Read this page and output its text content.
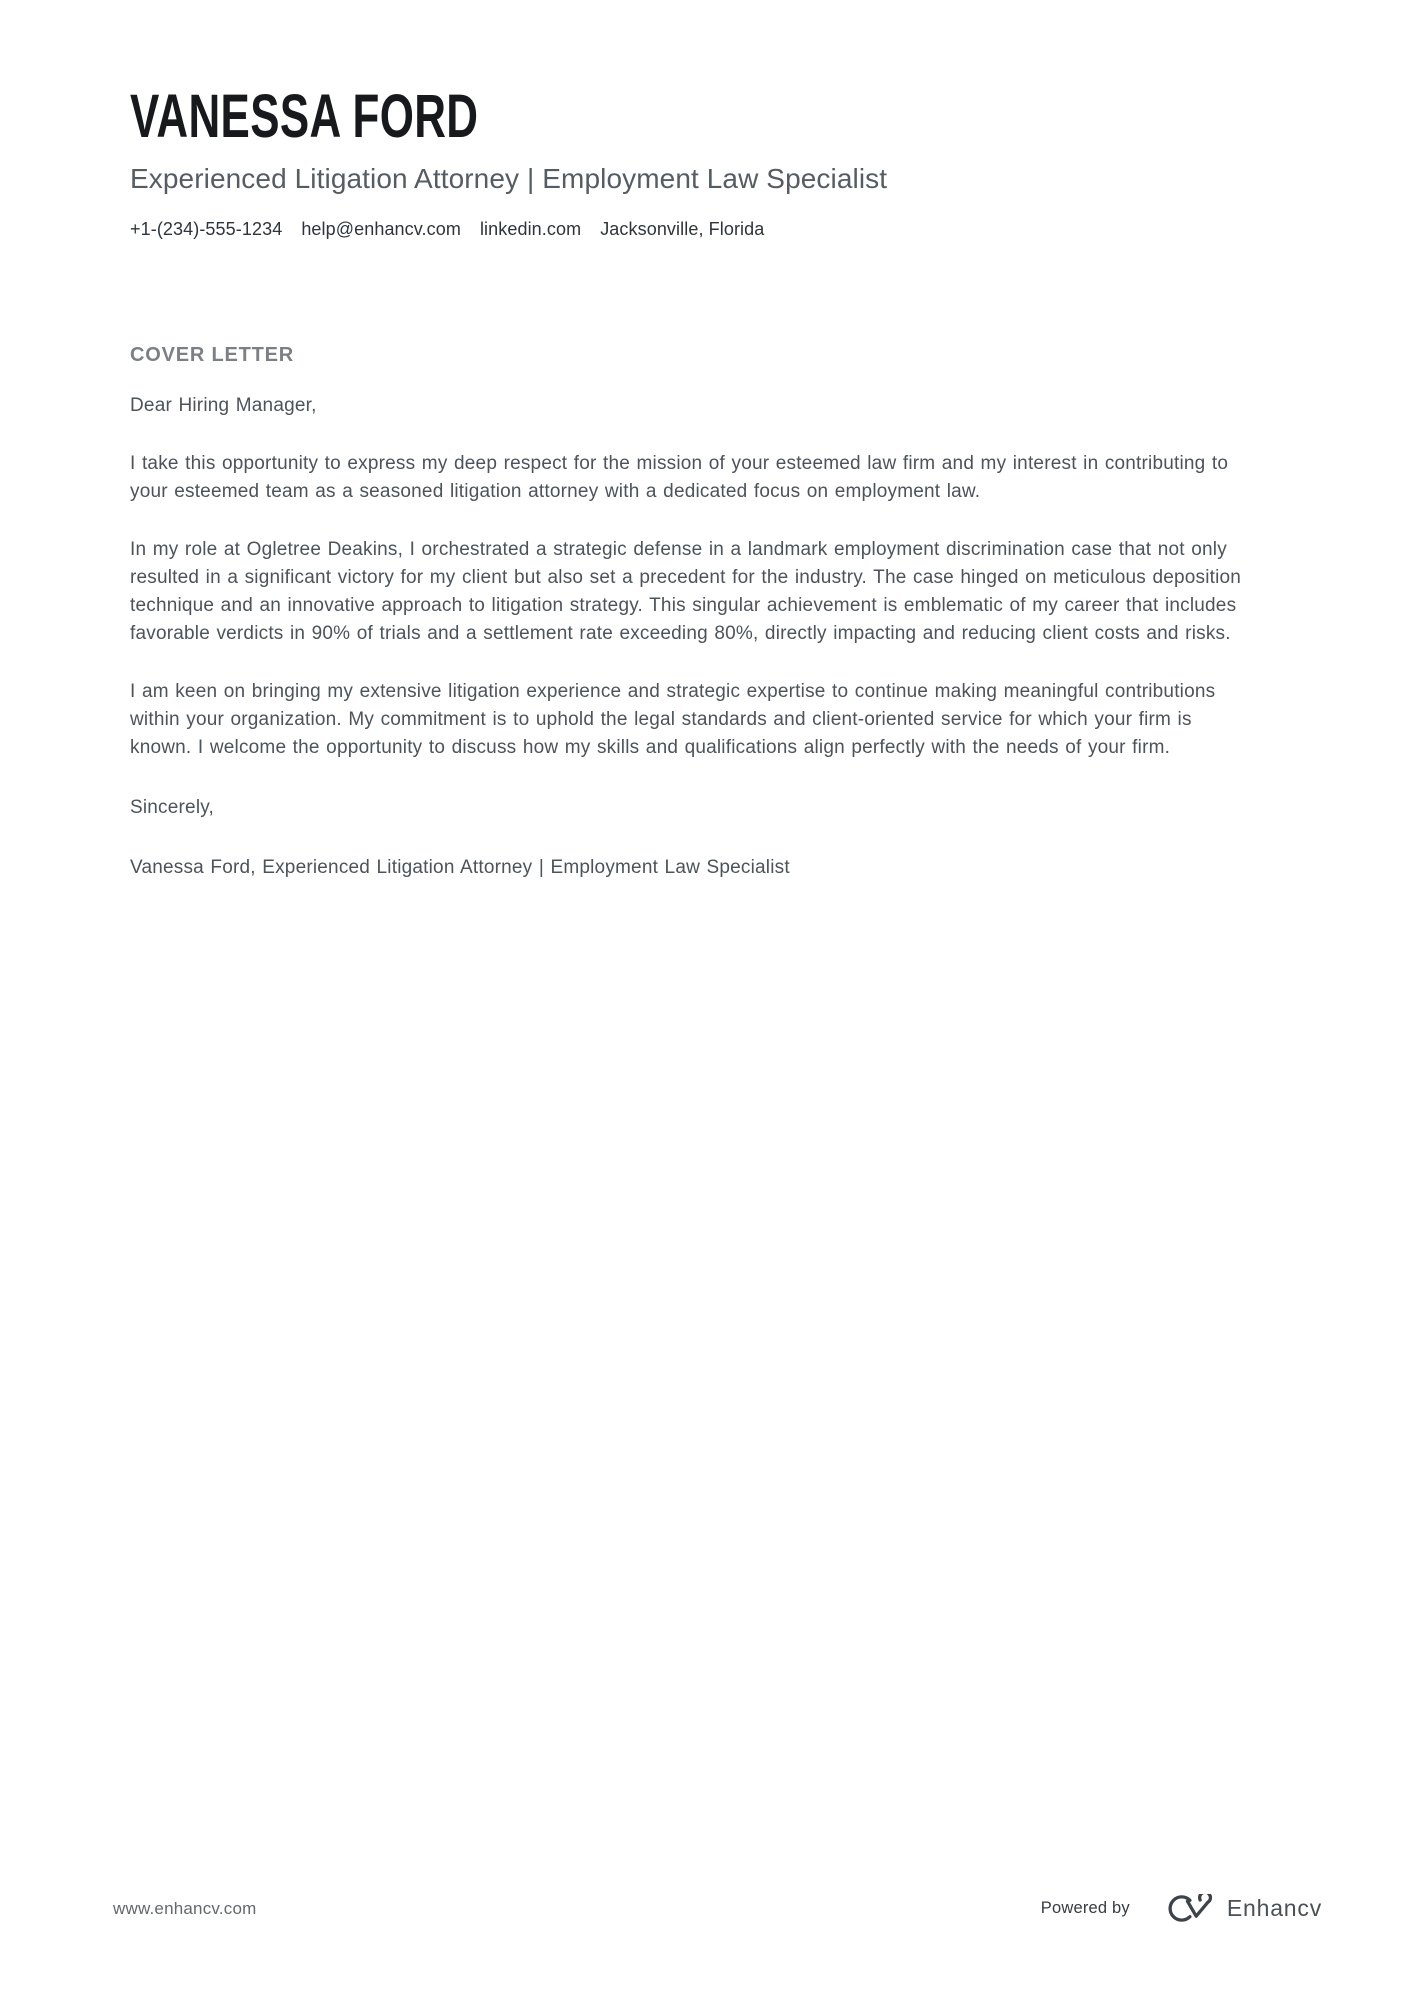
VANESSA FORD
Experienced Litigation Attorney | Employment Law Specialist
+1-(234)-555-1234 help@enhancv.com linkedin.com Jacksonville, Florida
COVER LETTER

Dear Hiring Manager,

I take this opportunity to express my deep respect for the mission of your esteemed law firm and my interest in contributing to your esteemed team as a seasoned litigation attorney with a dedicated focus on employment law.

In my role at Ogletree Deakins, I orchestrated a strategic defense in a landmark employment discrimination case that not only resulted in a significant victory for my client but also set a precedent for the industry. The case hinged on meticulous deposition technique and an innovative approach to litigation strategy. This singular achievement is emblematic of my career that includes favorable verdicts in 90% of trials and a settlement rate exceeding 80%, directly impacting and reducing client costs and risks.

I am keen on bringing my extensive litigation experience and strategic expertise to continue making meaningful contributions within your organization. My commitment is to uphold the legal standards and client-oriented service for which your firm is known. I welcome the opportunity to discuss how my skills and qualifications align perfectly with the needs of your firm.

Sincerely,

Vanessa Ford, Experienced Litigation Attorney | Employment Law Specialist

www.enhancv.com	Powered by	Enhancv
